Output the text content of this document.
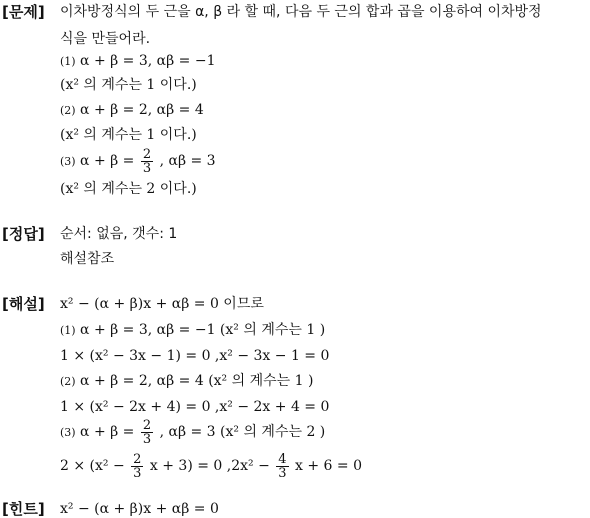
[문제] 이차방정식의 두 근을 α, β 라 할 때, 다음 두 근의 합과 곱을 이용하여 이차방정
식을 만들어라.
(1) α + β = 3, αβ = −1
(x² 의 계수는 1 이다.)
(2) α + β = 2, αβ = 4
(x² 의 계수는 1 이다.)
(3) $\alpha + \beta = \frac{2}{3}$ , αβ = 3
(x² 의 계수는 2 이다.)
[정답] 순서: 없음, 갯수: 1
해설참조
[해설] x² − (α + β)x + αβ = 0 이므로
(1) α + β = 3, αβ = −1 (x² 의 계수는 1 )
1 × (x² − 3x − 1) = 0 ,x² − 3x − 1 = 0
(2) α + β = 2, αβ = 4 (x² 의 계수는 1 )
1 × (x² − 2x + 4) = 0 ,x² − 2x + 4 = 0
(3) $\alpha + \beta = \frac{2}{3}$ , αβ = 3 (x² 의 계수는 2 )
$2 \times (x^2 - \frac{2}{3}$ x + 3) = 0 $,2x^2 - \frac{4}{3}$ x + 6 = 0
[힌트] x² − (α + β)x + αβ = 0
